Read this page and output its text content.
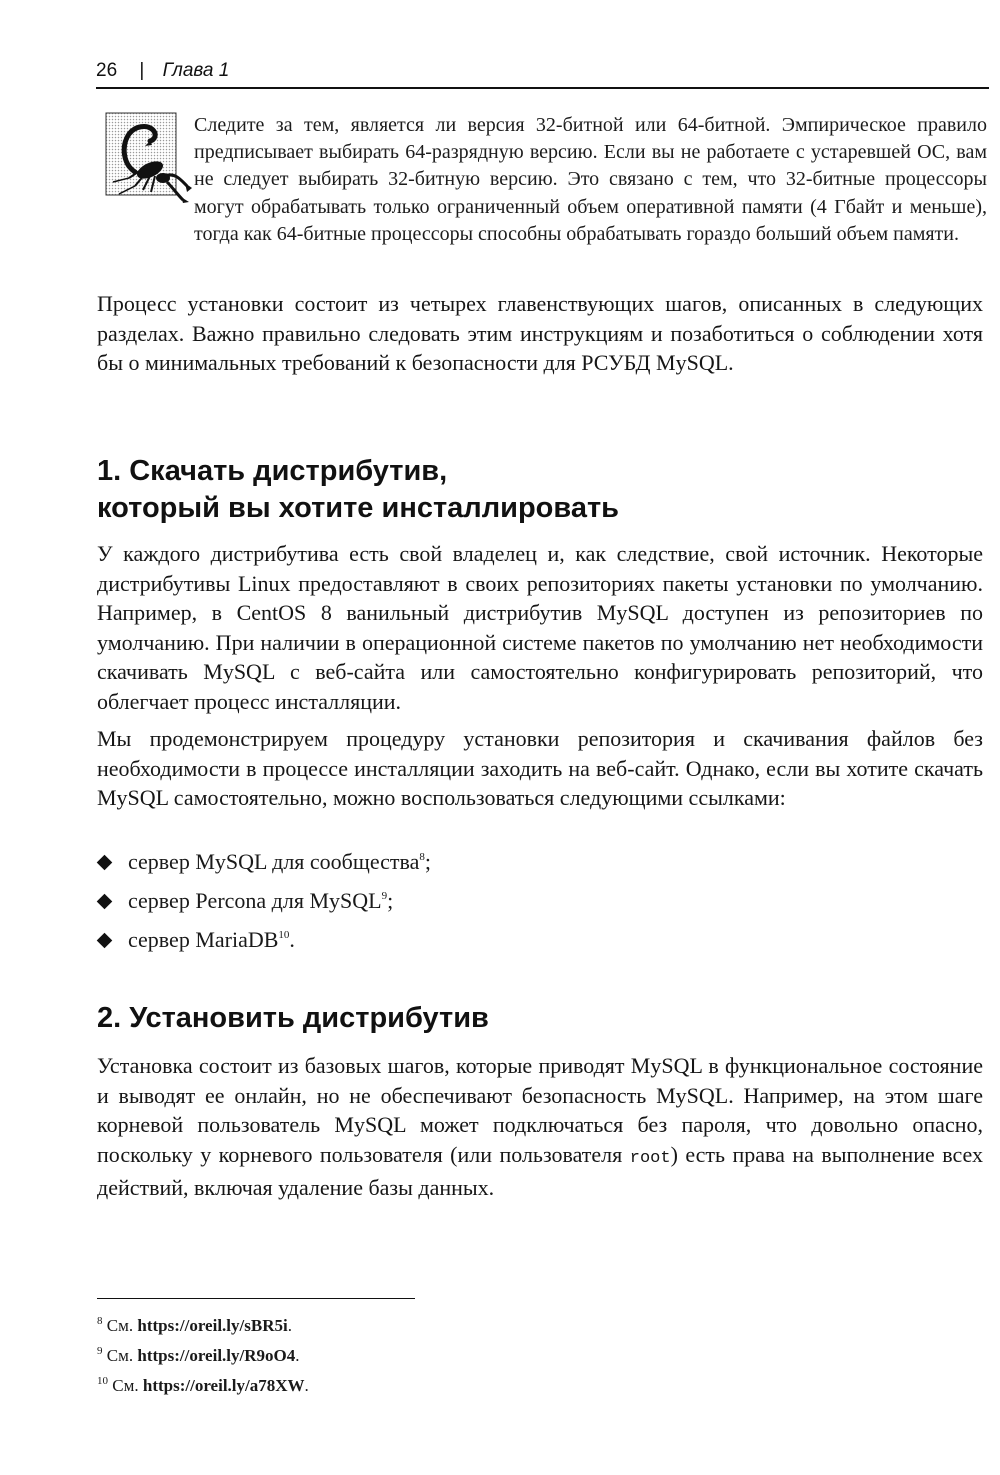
26 | Глава 1
Следите за тем, является ли версия 32-битной или 64-битной. Эмпирическое правило предписывает выбирать 64-разрядную версию. Если вы не работаете с устаревшей ОС, вам не следует выбирать 32-битную версию. Это связано с тем, что 32-битные процессоры могут обрабатывать только ограниченный объем оперативной памяти (4 Гбайт и меньше), тогда как 64-битные процессоры способны обрабатывать гораздо больший объем памяти.

Процесс установки состоит из четырех главенствующих шагов, описанных в следующих разделах. Важно правильно следовать этим инструкциям и позаботиться о соблюдении хотя бы о минимальных требований к безопасности для РСУБД MySQL.

1. Скачать дистрибутив,
который вы хотите инсталлировать

У каждого дистрибутива есть свой владелец и, как следствие, свой источник. Некоторые дистрибутивы Linux предоставляют в своих репозиториях пакеты установки по умолчанию. Например, в CentOS 8 ванильный дистрибутив MySQL доступен из репозиториев по умолчанию. При наличии в операционной системе пакетов по умолчанию нет необходимости скачивать MySQL с веб-сайта или самостоятельно конфигурировать репозиторий, что облегчает процесс инсталляции.

Мы продемонстрируем процедуру установки репозитория и скачивания файлов без необходимости в процессе инсталляции заходить на веб-сайт. Однако, если вы хотите скачать MySQL самостоятельно, можно воспользоваться следующими ссылками:

сервер MySQL для сообщества$^8$;
сервер Percona для MySQL$^9$;
сервер MariaDB$^{10}$.
2. Установить дистрибутив

Установка состоит из базовых шагов, которые приводят MySQL в функциональное состояние и выводят ее онлайн, но не обеспечивают безопасность MySQL. Например, на этом шаге корневой пользователь MySQL может подключаться без пароля, что довольно опасно, поскольку у корневого пользователя (или пользователя root) есть права на выполнение всех действий, включая удаление базы данных.

$^8$ См. https://oreil.ly/sBR5i.
$^9$ См. https://oreil.ly/R9oO4.
$^{10}$ См. https://oreil.ly/a78XW.
